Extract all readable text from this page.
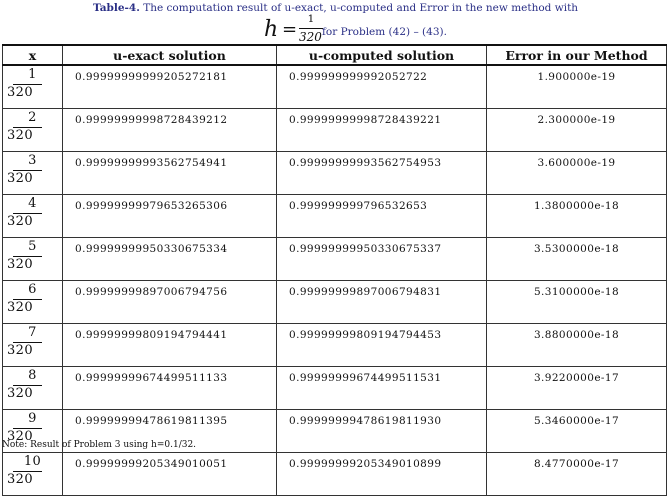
Table-4. The computation result of u-exact, u-computed and Error in the new method with
h =	1
320 for Problem (42) – (43).
x	u-exact solution	u-computed solution	Error in our Method

1
320	0.99999999999205272181	0.999999999992052722	1.900000e-19

2
320	0.99999999998728439212	0.99999999998728439221	2.300000e-19

3
320	0.99999999993562754941	0.99999999993562754953	3.600000e-19

4
320	0.99999999979653265306	0.999999999796532653	1.3800000e-18

5
320	0.99999999950330675334	0.99999999950330675337	3.5300000e-18

6
320	0.99999999897006794756	0.99999999897006794831	5.3100000e-18

7
320	0.99999999809194794441	0.99999999809194794453	3.8800000e-18

8
320	0.99999999674499511133	0.99999999674499511531	3.9220000e-17

9
320	0.99999999478619811395	0.99999999478619811930	5.3460000e-17

10
320	0.99999999205349010051	0.99999999205349010899	8.4770000e-17
Note: Result of Problem 3 using h=0.1/32.
